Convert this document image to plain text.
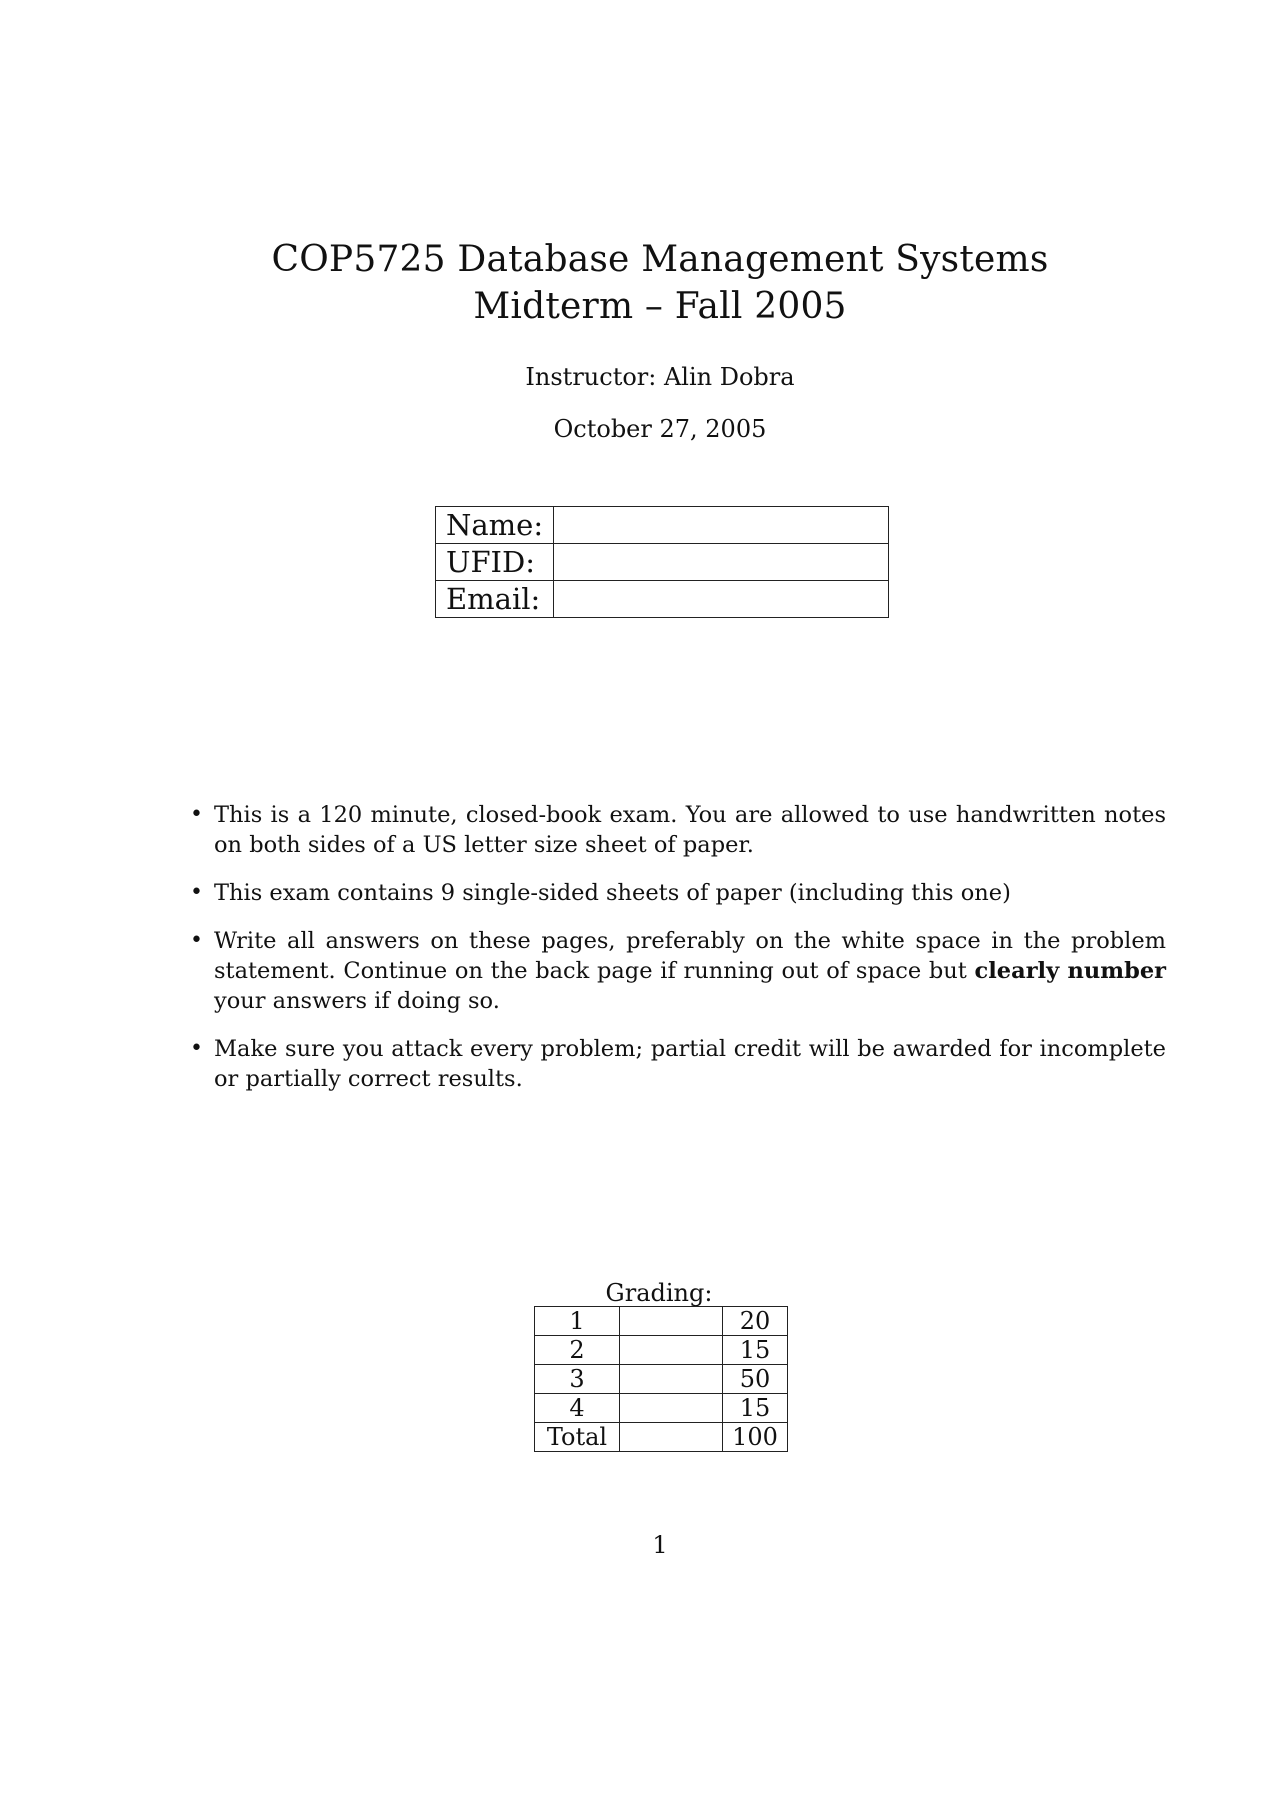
COP5725 Database Management Systems
Midterm – Fall 2005
Instructor: Alin Dobra
October 27, 2005
Name:	
UFID:	
Email:	
• This is a 120 minute, closed-book exam. You are allowed to use handwritten notes on both sides of a US letter size sheet of paper.
• This exam contains 9 single-sided sheets of paper (including this one)
• Write all answers on these pages, preferably on the white space in the problem statement. Continue on the back page if running out of space but clearly number your answers if doing so.
• Make sure you attack every problem; partial credit will be awarded for incomplete or partially correct results.
Grading:
1		20
2		15
3		50
4		15
Total		100
1
